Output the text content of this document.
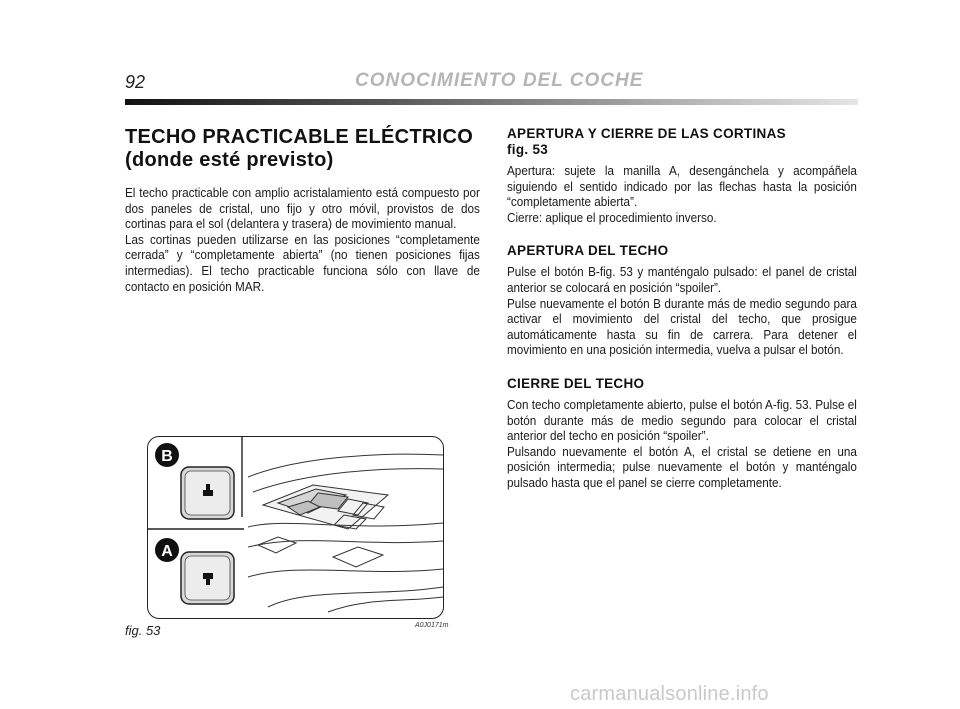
92	CONOCIMIENTO DEL COCHE
TECHO PRACTICABLE ELÉCTRICO
(donde esté previsto)

El techo practicable con amplio acristalamiento está compuesto por dos paneles de cristal, uno fijo y otro móvil, provistos de dos cortinas para el sol (delantera y trasera) de movimiento manual.

Las cortinas pueden utilizarse en las posiciones “completamente cerrada” y “completamente abierta” (no tienen posiciones fijas intermedias). El techo practicable funciona sólo con llave de contacto en posición MAR.

APERTURA Y CIERRE DE LAS CORTINAS
fig. 53

Apertura: sujete la manilla A, desengánchela y acompáñela siguiendo el sentido indicado por las flechas hasta la posición “completamente abierta”.

Cierre: aplique el procedimiento inverso.

APERTURA DEL TECHO

Pulse el botón B-fig. 53 y manténgalo pulsado: el panel de cristal anterior se colocará en posición “spoiler”.

Pulse nuevamente el botón B durante más de medio segundo para activar el movimiento del cristal del techo, que prosigue automáticamente hasta su fin de carrera. Para detener el movimiento en una posición intermedia, vuelva a pulsar el botón.

CIERRE DEL TECHO

Con techo completamente abierto, pulse el botón A-fig. 53. Pulse el botón durante más de medio segundo para colocar el cristal anterior del techo en posición “spoiler”.

Pulsando nuevamente el botón A, el cristal se detiene en una posición intermedia; pulse nuevamente el botón y manténgalo pulsado hasta que el panel se cierre completamente.

B
A
fig. 53	A0J0171m
carmanualsonline.info
